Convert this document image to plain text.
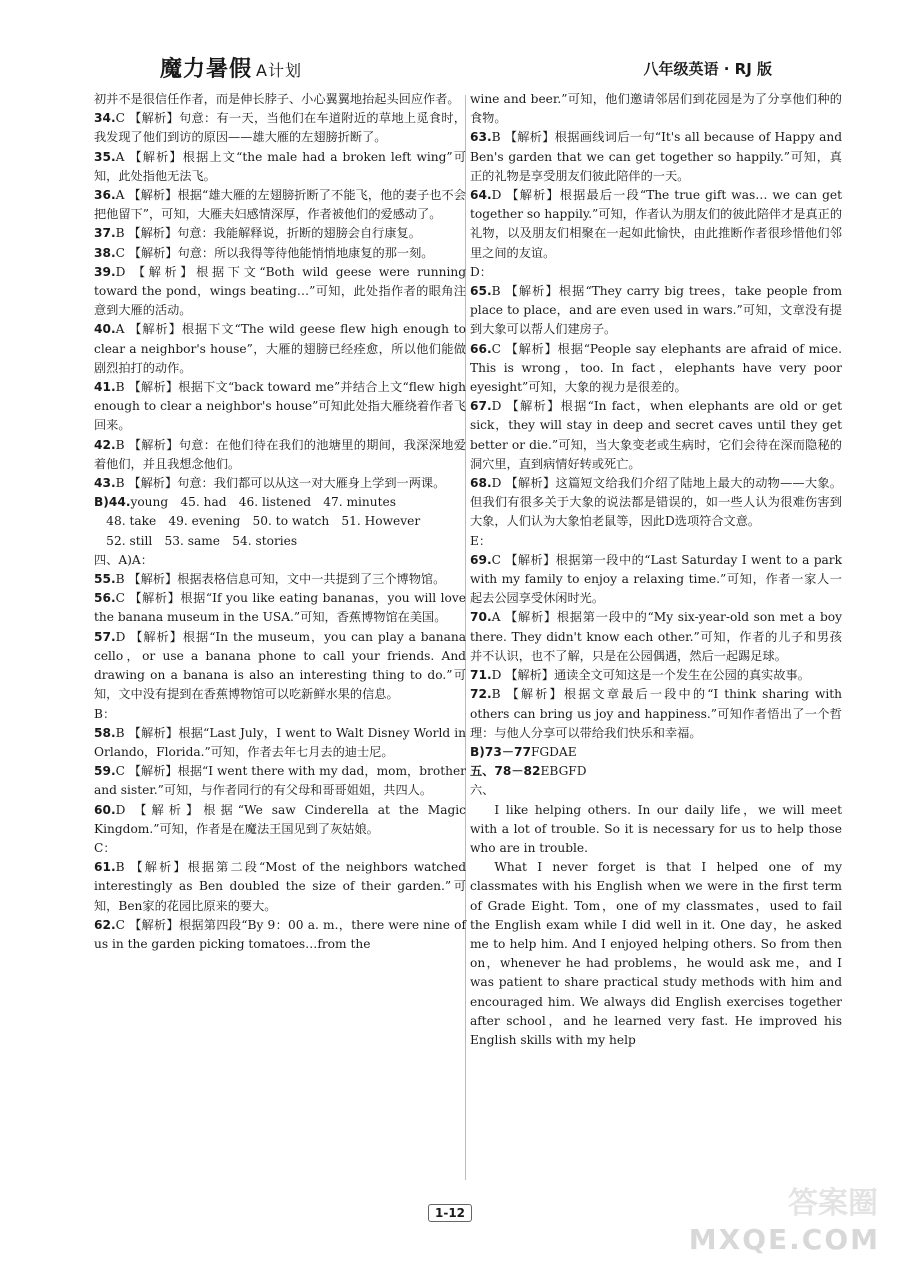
魔力暑假 A计划	八年级英语 · RJ 版
初并不是很信任作者，而是伸长脖子、小心翼翼地抬起头回应作者。
34.C 【解析】句意：有一天，当他们在车道附近的草地上觅食时，我发现了他们到访的原因——雄大雁的左翅膀折断了。
35.A 【解析】根据上文“the male had a broken left wing”可知，此处指他无法飞。
36.A 【解析】根据“雄大雁的左翅膀折断了不能飞，他的妻子也不会把他留下”，可知，大雁夫妇感情深厚，作者被他们的爱感动了。
37.B 【解析】句意：我能解释说，折断的翅膀会自行康复。
38.C 【解析】句意：所以我得等待他能悄悄地康复的那一刻。
39.D 【解析】根据下文“Both wild geese were running toward the pond，wings beating…”可知，此处指作者的眼角注意到大雁的活动。
40.A 【解析】根据下文“The wild geese flew high enough to clear a neighbor's house”，大雁的翅膀已经痊愈，所以他们能做剧烈拍打的动作。
41.B 【解析】根据下文“back toward me”并结合上文“flew high enough to clear a neighbor's house”可知此处指大雁绕着作者飞回来。
42.B 【解析】句意：在他们待在我们的池塘里的期间，我深深地爱着他们，并且我想念他们。
43.B 【解析】句意：我们都可以从这一对大雁身上学到一两课。
B)44.young　45. had　46. listened　47. minutes
　48. take　49. evening　50. to watch　51. However
　52. still　53. same　54. stories
四、A)A：
55.B 【解析】根据表格信息可知，文中一共提到了三个博物馆。
56.C 【解析】根据“If you like eating bananas，you will love the banana museum in the USA.”可知，香蕉博物馆在美国。
57.D 【解析】根据“In the museum，you can play a banana cello，or use a banana phone to call your friends. And drawing on a banana is also an interesting thing to do.”可知，文中没有提到在香蕉博物馆可以吃新鲜水果的信息。
B：
58.B 【解析】根据“Last July，I went to Walt Disney World in Orlando，Florida.”可知，作者去年七月去的迪士尼。
59.C 【解析】根据“I went there with my dad，mom，brother and sister.”可知，与作者同行的有父母和哥哥姐姐，共四人。
60.D 【解析】根据“We saw Cinderella at the Magic Kingdom.”可知，作者是在魔法王国见到了灰姑娘。
C：
61.B 【解析】根据第二段“Most of the neighbors watched interestingly as Ben doubled the size of their garden.”可知，Ben家的花园比原来的要大。
62.C 【解析】根据第四段“By 9：00 a. m.，there were nine of us in the garden picking tomatoes…from the
wine and beer.”可知，他们邀请邻居们到花园是为了分享他们种的食物。
63.B 【解析】根据画线词后一句“It's all because of Happy and Ben's garden that we can get together so happily.”可知，真正的礼物是享受朋友们彼此陪伴的一天。
64.D 【解析】根据最后一段“The true gift was… we can get together so happily.”可知，作者认为朋友们的彼此陪伴才是真正的礼物，以及朋友们相聚在一起如此愉快，由此推断作者很珍惜他们邻里之间的友谊。
D：
65.B 【解析】根据“They carry big trees，take people from place to place，and are even used in wars.”可知，文章没有提到大象可以帮人们建房子。
66.C 【解析】根据“People say elephants are afraid of mice. This is wrong，too. In fact，elephants have very poor eyesight”可知，大象的视力是很差的。
67.D 【解析】根据“In fact，when elephants are old or get sick，they will stay in deep and secret caves until they get better or die.”可知，当大象变老或生病时，它们会待在深而隐秘的洞穴里，直到病情好转或死亡。
68.D 【解析】这篇短文给我们介绍了陆地上最大的动物——大象。但我们有很多关于大象的说法都是错误的，如一些人认为很难伤害到大象，人们认为大象怕老鼠等，因此D选项符合文意。
E：
69.C 【解析】根据第一段中的“Last Saturday I went to a park with my family to enjoy a relaxing time.”可知，作者一家人一起去公园享受休闲时光。
70.A 【解析】根据第一段中的“My six-year-old son met a boy there. They didn't know each other.”可知，作者的儿子和男孩并不认识，也不了解，只是在公园偶遇，然后一起踢足球。
71.D 【解析】通读全文可知这是一个发生在公园的真实故事。
72.B 【解析】根据文章最后一段中的“I think sharing with others can bring us joy and happiness.”可知作者悟出了一个哲理：与他人分享可以带给我们快乐和幸福。
B)73－77FGDAE
五、78－82EBGFD
六、
I like helping others. In our daily life，we will meet with a lot of trouble. So it is necessary for us to help those who are in trouble.
What I never forget is that I helped one of my classmates with his English when we were in the first term of Grade Eight. Tom，one of my classmates，used to fail the English exam while I did well in it. One day，he asked me to help him. And I enjoyed helping others. So from then on，whenever he had problems，he would ask me，and I was patient to share practical study methods with him and encouraged him. We always did English exercises together after school，and he learned very fast. He improved his English skills with my help
1-12	答案圈
MXQE.COM
